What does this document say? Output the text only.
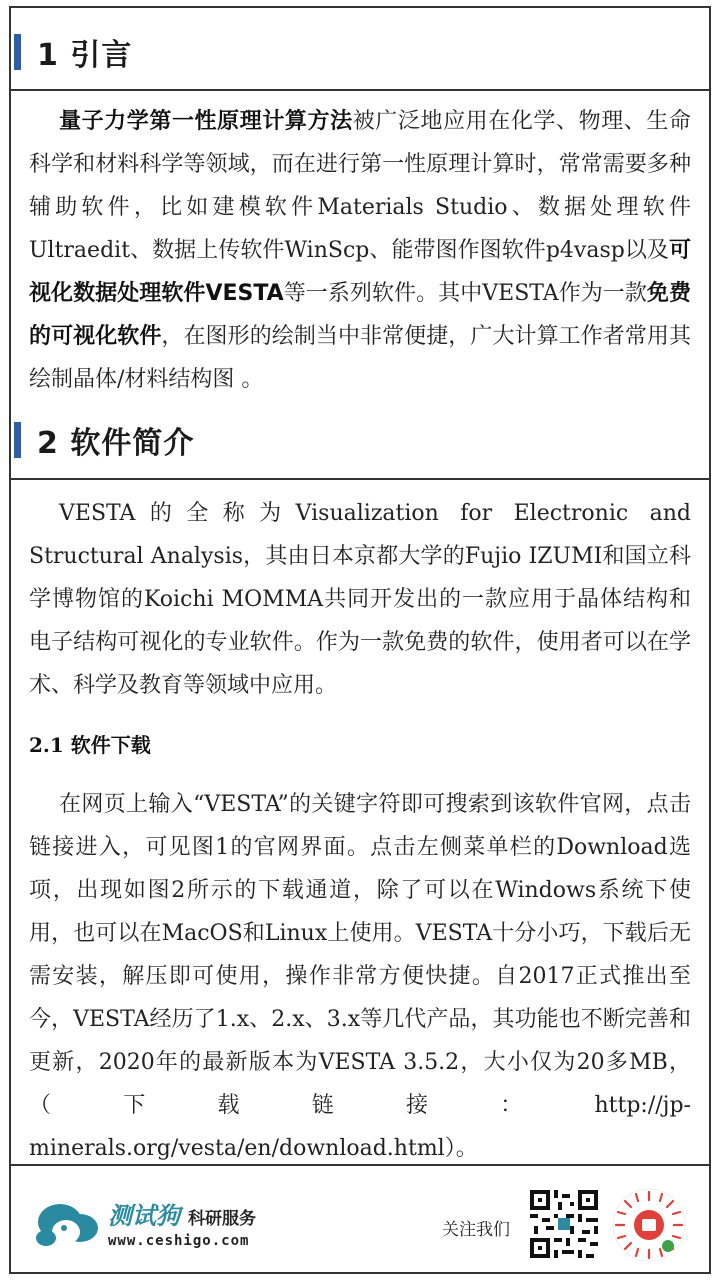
1 引言
量子力学第一性原理计算方法被广泛地应用在化学、物理、生命科学和材料科学等领域，而在进行第一性原理计算时，常常需要多种辅助软件，比如建模软件Materials Studio、数据处理软件Ultraedit、数据上传软件WinScp、能带图作图软件p4vasp以及可视化数据处理软件VESTA等一系列软件。其中VESTA作为一款免费的可视化软件，在图形的绘制当中非常便捷，广大计算工作者常用其绘制晶体/材料结构图 。
2 软件简介
VESTA的全称为Visualization for Electronic and Structural Analysis，其由日本京都大学的Fujio IZUMI和国立科学博物馆的Koichi MOMMA共同开发出的一款应用于晶体结构和电子结构可视化的专业软件。作为一款免费的软件，使用者可以在学术、科学及教育等领域中应用。
2.1 软件下载
在网页上输入“VESTA”的关键字符即可搜索到该软件官网，点击链接进入，可见图1的官网界面。点击左侧菜单栏的Download选项，出现如图2所示的下载通道，除了可以在Windows系统下使用，也可以在MacOS和Linux上使用。VESTA十分小巧，下载后无需安装，解压即可使用，操作非常方便快捷。自2017正式推出至今，VESTA经历了1.x、2.x、3.x等几代产品，其功能也不断完善和更新，2020年的最新版本为VESTA 3.5.2，大小仅为20多MB，（下载链接：http://jp-minerals.org/vesta/en/download.html）。
测试狗 科研服务
www.ceshigo.com
关注我们
